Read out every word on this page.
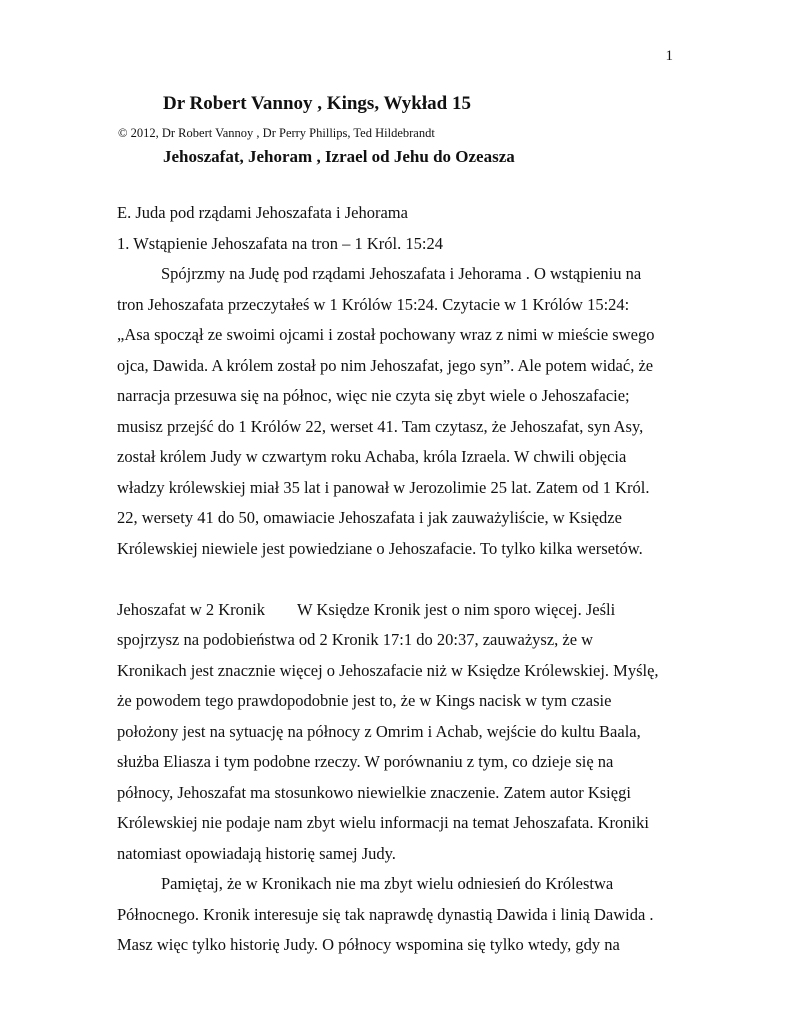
1
Dr Robert Vannoy , Kings, Wykład 15
© 2012, Dr Robert Vannoy , Dr Perry Phillips, Ted Hildebrandt
Jehoszafat, Jehoram , Izrael od Jehu do Ozeasza
E. Juda pod rządami Jehoszafata i Jehorama
1. Wstąpienie Jehoszafata na tron – 1 Król. 15:24
Spójrzmy na Judę pod rządami Jehoszafata i Jehorama . O wstąpieniu na
tron Jehoszafata przeczytałeś w 1 Królów 15:24. Czytacie w 1 Królów 15:24:
„Asa spoczął ze swoimi ojcami i został pochowany wraz z nimi w mieście swego
ojca, Dawida. A królem został po nim Jehoszafat, jego syn”. Ale potem widać, że
narracja przesuwa się na północ, więc nie czyta się zbyt wiele o Jehoszafacie;
musisz przejść do 1 Królów 22, werset 41. Tam czytasz, że Jehoszafat, syn Asy,
został królem Judy w czwartym roku Achaba, króla Izraela. W chwili objęcia
władzy królewskiej miał 35 lat i panował w Jerozolimie 25 lat. Zatem od 1 Król.
22, wersety 41 do 50, omawiacie Jehoszafata i jak zauważyliście, w Księdze
Królewskiej niewiele jest powiedziane o Jehoszafacie. To tylko kilka wersetów.
Jehoszafat w 2 Kronik W Księdze Kronik jest o nim sporo więcej. Jeśli
spojrzysz na podobieństwa od 2 Kronik 17:1 do 20:37, zauważysz, że w
Kronikach jest znacznie więcej o Jehoszafacie niż w Księdze Królewskiej. Myślę,
że powodem tego prawdopodobnie jest to, że w Kings nacisk w tym czasie
położony jest na sytuację na północy z Omrim i Achab, wejście do kultu Baala,
służba Eliasza i tym podobne rzeczy. W porównaniu z tym, co dzieje się na
północy, Jehoszafat ma stosunkowo niewielkie znaczenie. Zatem autor Księgi
Królewskiej nie podaje nam zbyt wielu informacji na temat Jehoszafata. Kroniki
natomiast opowiadają historię samej Judy.
Pamiętaj, że w Kronikach nie ma zbyt wielu odniesień do Królestwa
Północnego. Kronik interesuje się tak naprawdę dynastią Dawida i linią Dawida .
Masz więc tylko historię Judy. O północy wspomina się tylko wtedy, gdy na
